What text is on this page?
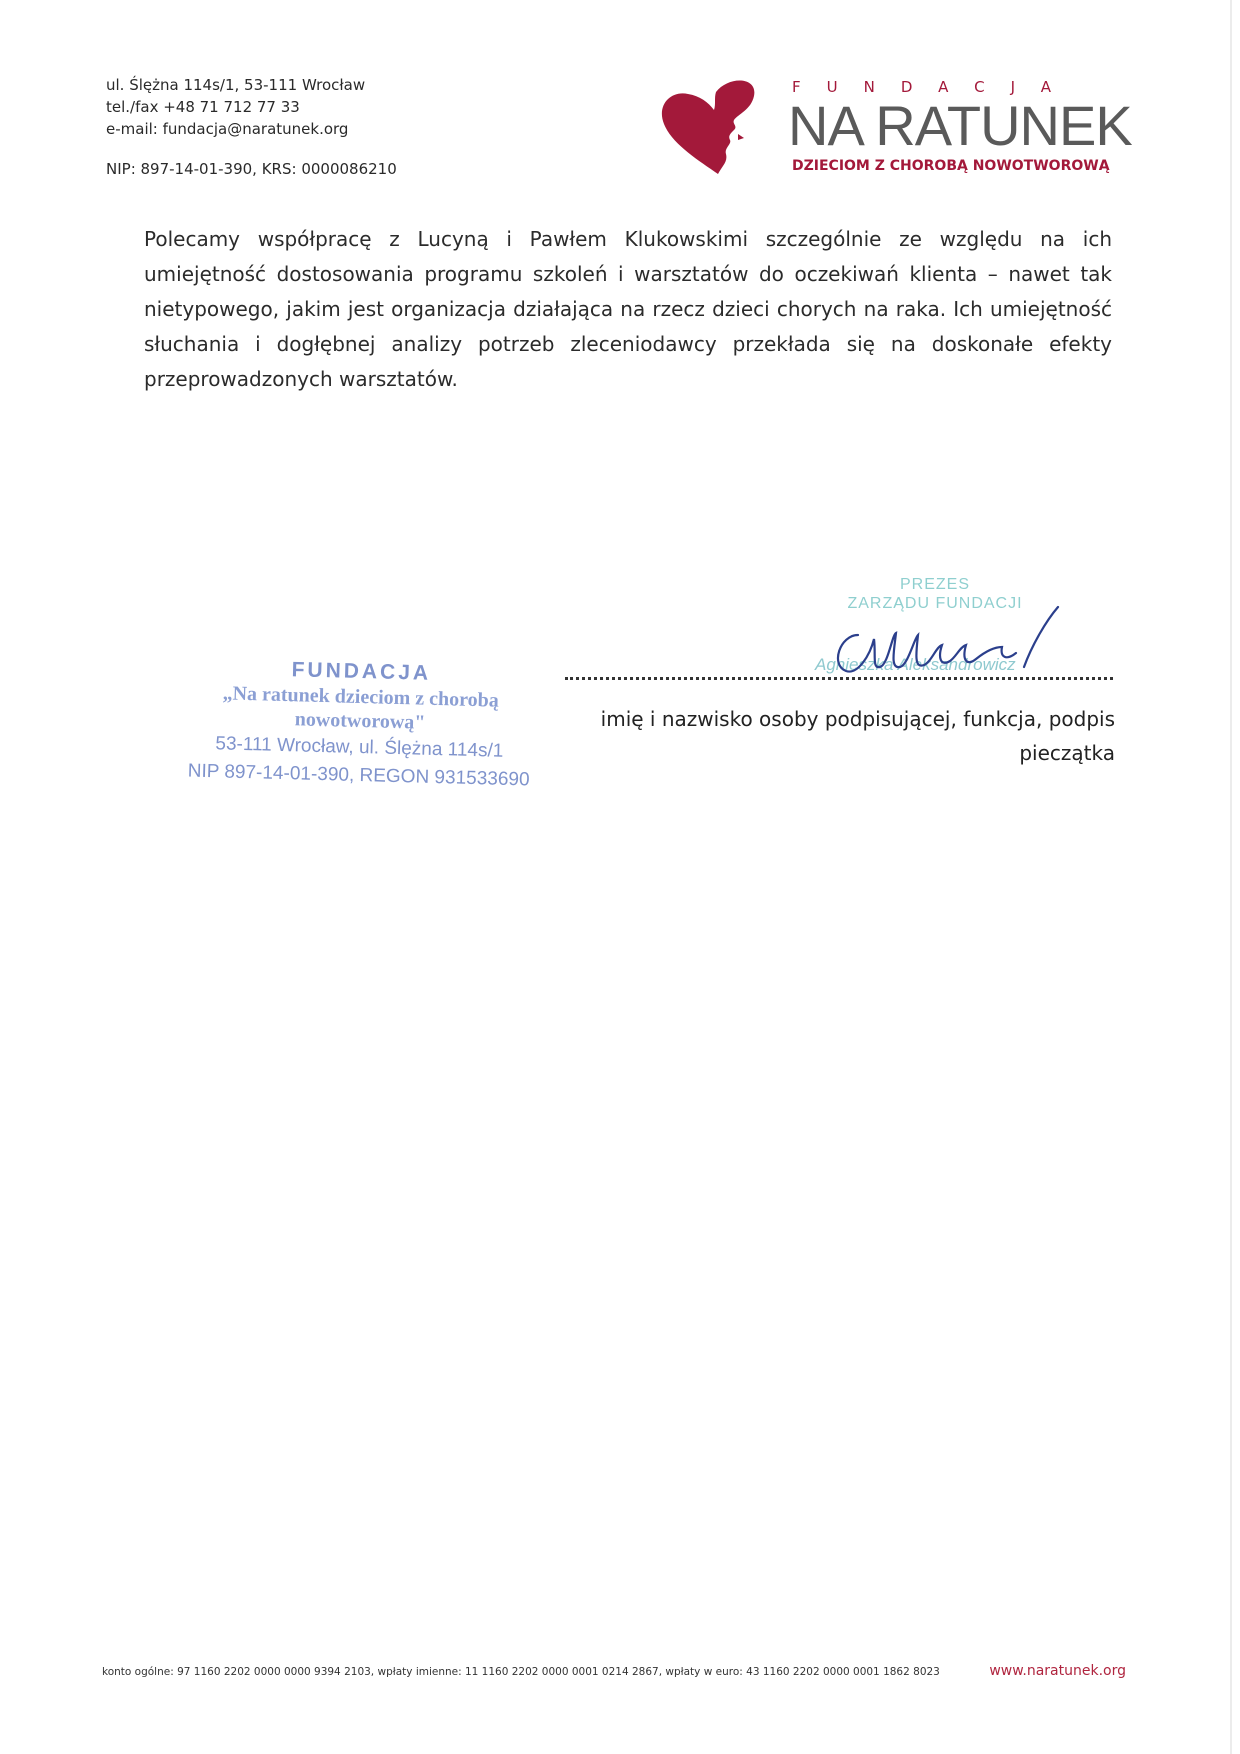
ul. Ślężna 114s/1, 53-111 Wrocław
tel./fax +48 71 712 77 33
e-mail: fundacja@naratunek.org
NIP: 897-14-01-390, KRS: 0000086210
FUNDACJA
NA RATUNEK
DZIECIOM Z CHOROBĄ NOWOTWOROWĄ
Polecamy współpracę z Lucyną i Pawłem Klukowskimi szczególnie ze względu na ich umiejętność dostosowania programu szkoleń i warsztatów do oczekiwań klienta – nawet tak nietypowego, jakim jest organizacja działająca na rzecz dzieci chorych na raka. Ich umiejętność słuchania i dogłębnej analizy potrzeb zleceniodawcy przekłada się na doskonałe efekty przeprowadzonych warsztatów.
FUNDACJA
„Na ratunek dzieciom z chorobą
nowotworową"
53-111 Wrocław, ul. Ślężna 114s/1
NIP 897-14-01-390, REGON 931533690
PREZES
ZARZĄDU FUNDACJI
Agnieszka Aleksandrowicz
imię i nazwisko osoby podpisującej, funkcja, podpis
pieczątka
konto ogólne: 97 1160 2202 0000 0000 9394 2103, wpłaty imienne: 11 1160 2202 0000 0001 0214 2867, wpłaty w euro: 43 1160 2202 0000 0001 1862 8023	www.naratunek.org
